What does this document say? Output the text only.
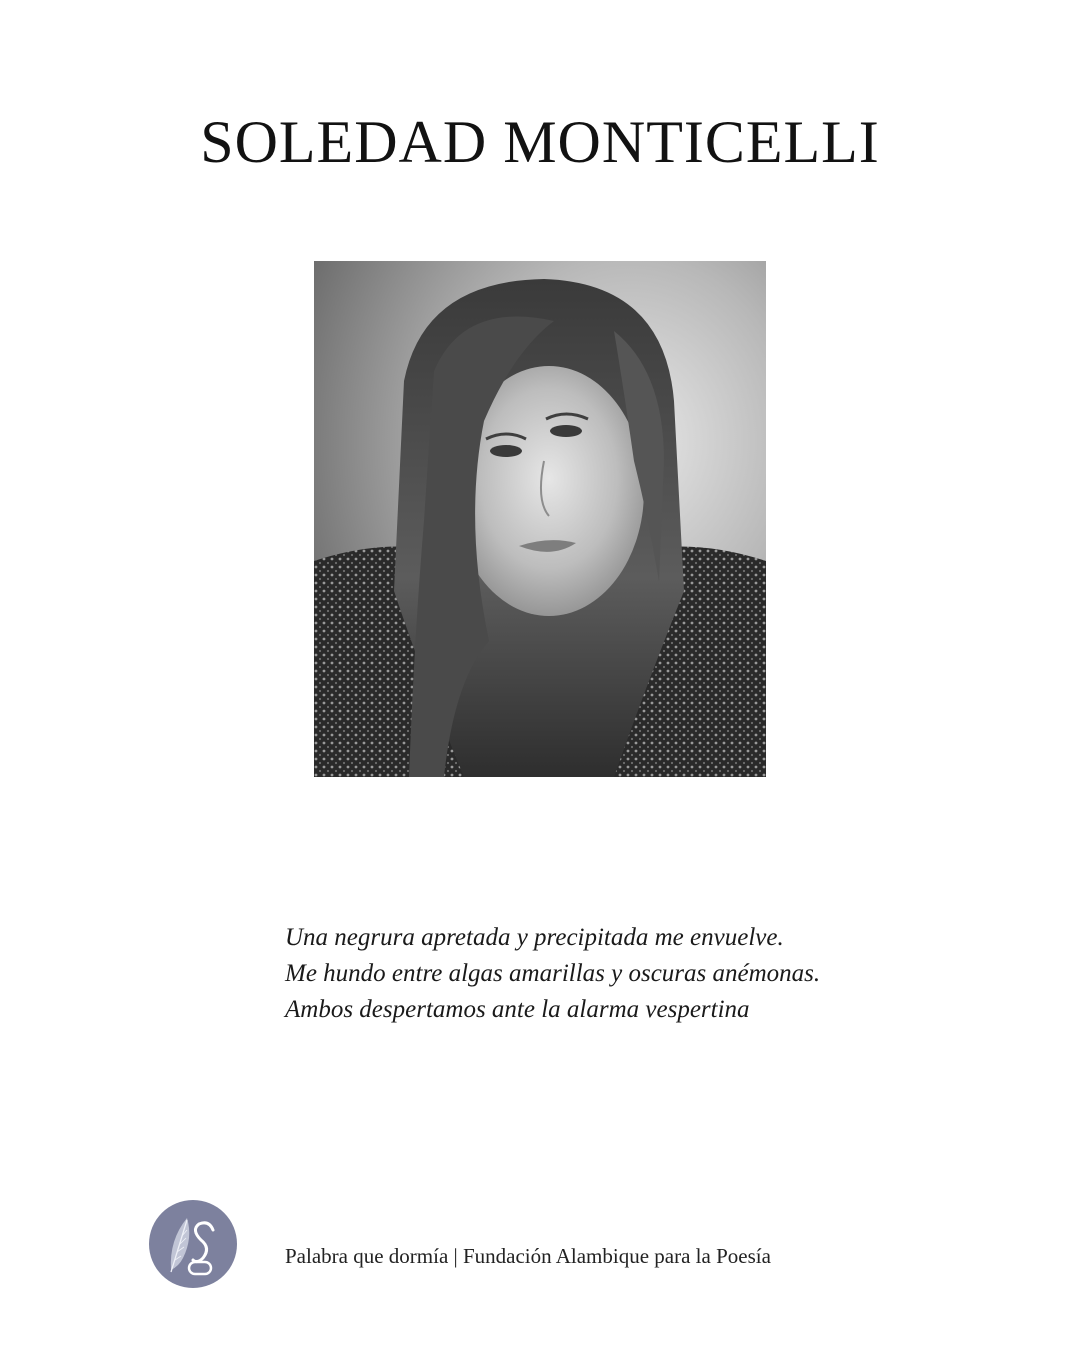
SOLEDAD MONTICELLI
Una negrura apretada y precipitada me envuelve.
Me hundo entre algas amarillas y oscuras anémonas.
Ambos despertamos ante la alarma vespertina
Palabra que dormía | Fundación Alambique para la Poesía
